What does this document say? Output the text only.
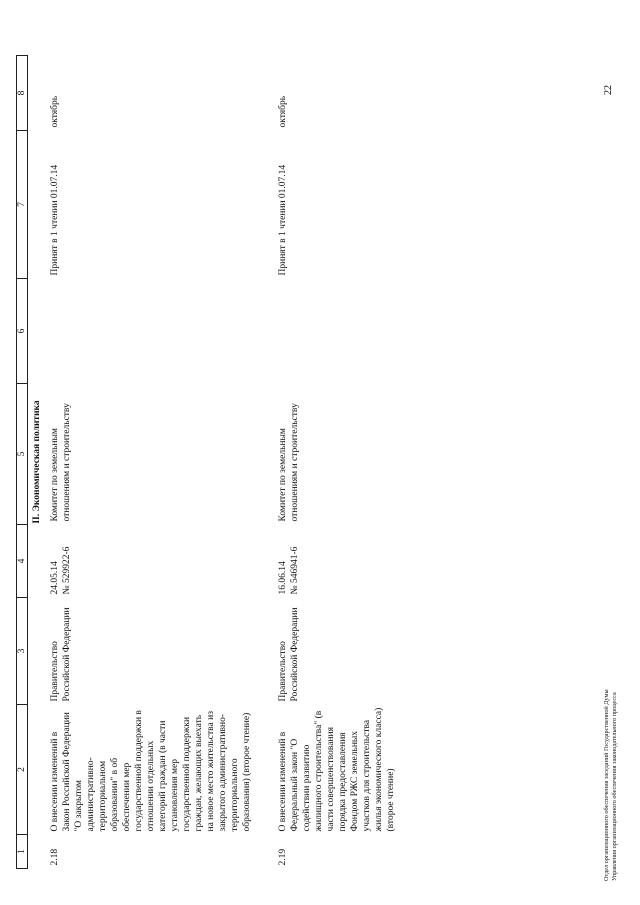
1	2	3	4	5	6	7	8
II. Экономическая политика							
2.18	О внесении изменений в Закон Российской Федерации "О закрытом административно-территориальном образовании" в об обеспечении мер государственной поддержки в отношении отдельных категорий граждан (в части установления мер государственной поддержки граждан, желающих выехать на новое место жительства из закрытого административно-территориального образования) (второе чтение)	Правительство Российской Федерации	24.05.14 № 529922-6	Комитет по земельным отношениям и строительству		Принят в 1 чтении 01.07.14	октябрь
2.19	О внесении изменений в Федеральный закон "О содействии развитию жилищного строительства" (в части совершенствования порядка предоставления Фондом РЖС земельных участков для строительства жилья экономического класса) (второе чтение)	Правительство Российской Федерации	16.06.14 № 546941-6	Комитет по земельным отношениям и строительству		Принят в 1 чтении 01.07.14	октябрь
Отдел организационного обеспечения заседаний Государственной Думы Управления организационного обеспечения законодательного процесса
22
